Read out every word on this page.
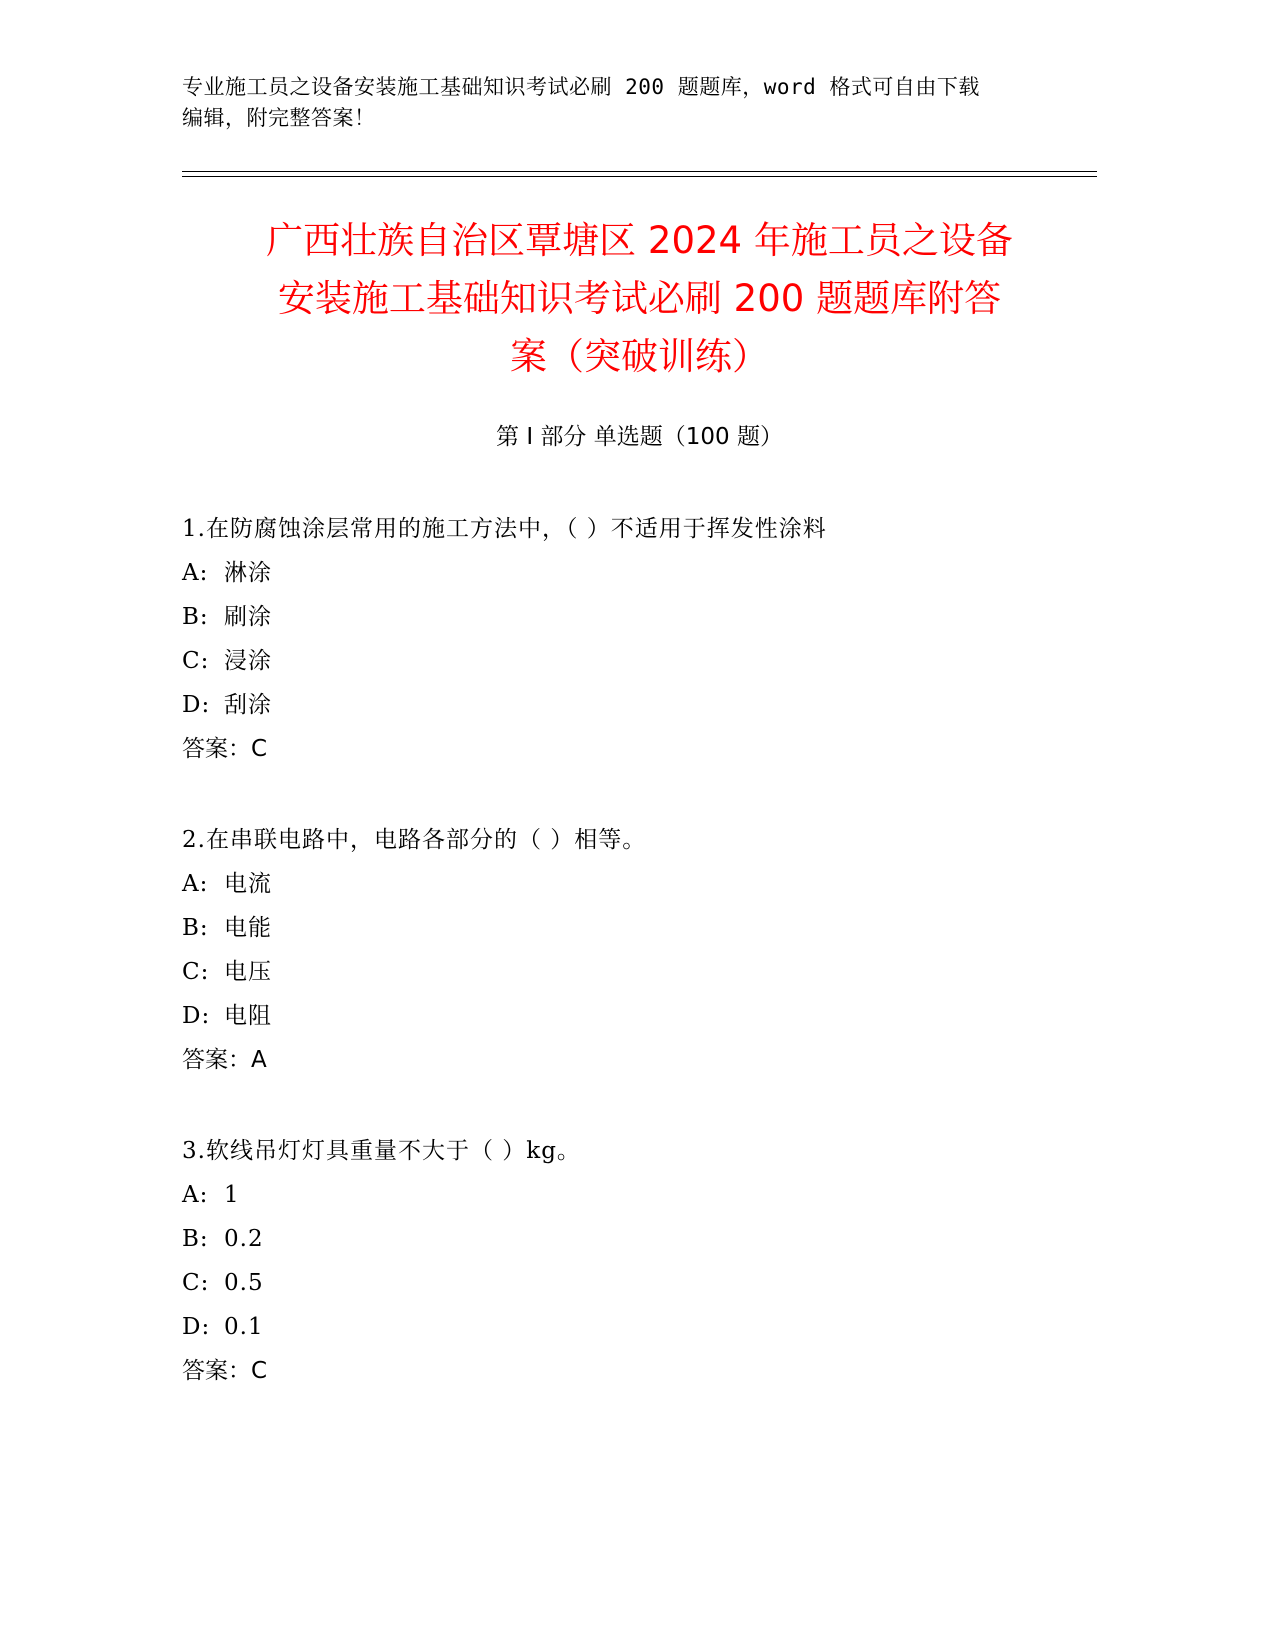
专业施工员之设备安装施工基础知识考试必刷 200 题题库，word 格式可自由下载
编辑，附完整答案！
广西壮族自治区覃塘区 2024 年施工员之设备
安装施工基础知识考试必刷 200 题题库附答
案（突破训练）
第 I 部分 单选题（100 题）
1.在防腐蚀涂层常用的施工方法中，（ ）不适用于挥发性涂料
A: 淋涂
B: 刷涂
C: 浸涂
D: 刮涂
答案：C
2.在串联电路中，电路各部分的（ ）相等。
A: 电流
B: 电能
C: 电压
D: 电阻
答案：A
3.软线吊灯灯具重量不大于（ ）kg。
A: 1
B: 0.2
C: 0.5
D: 0.1
答案：C
